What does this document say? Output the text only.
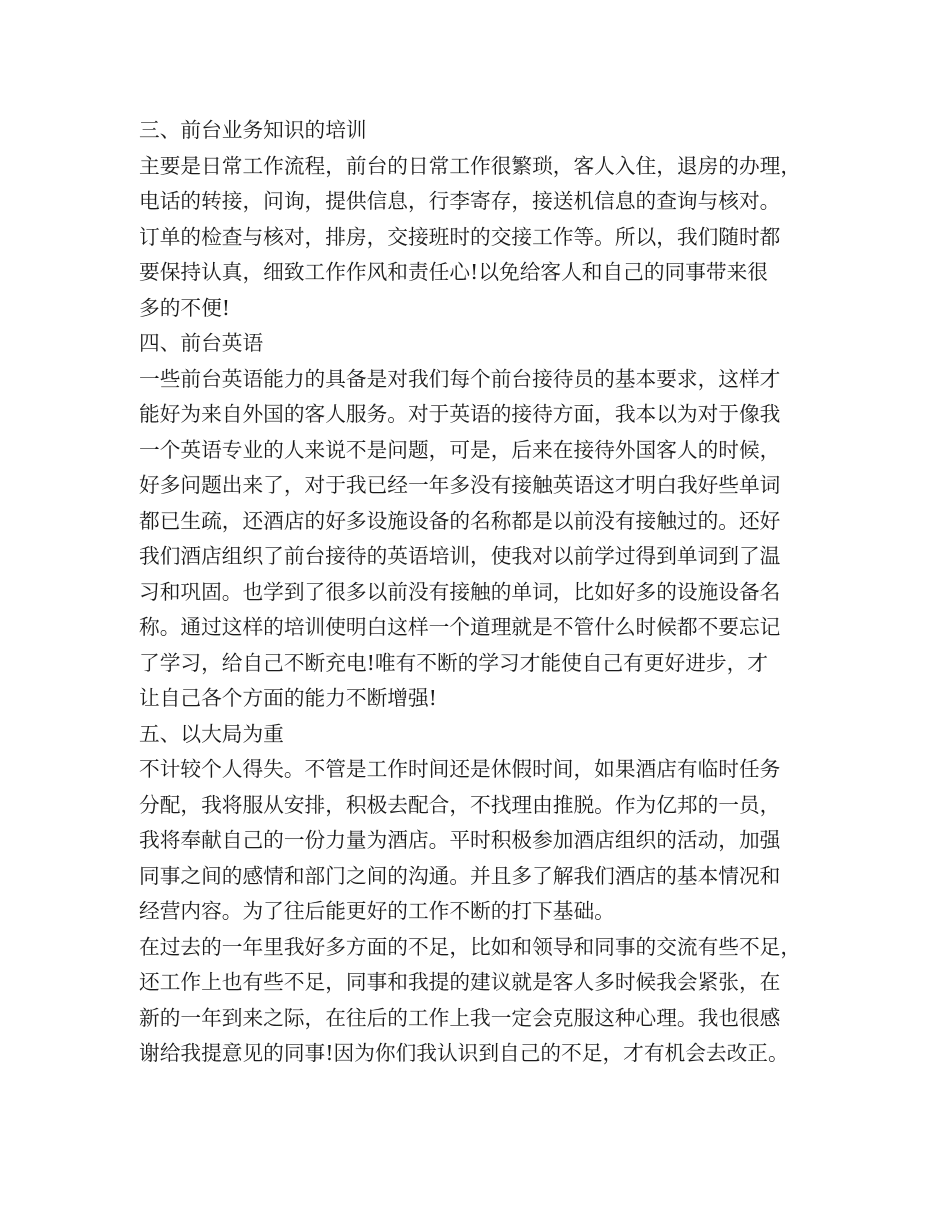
三、前台业务知识的培训
主要是日常工作流程，前台的日常工作很繁琐，客人入住，退房的办理，
电话的转接，问询，提供信息，行李寄存，接送机信息的查询与核对。
订单的检查与核对，排房，交接班时的交接工作等。所以，我们随时都
要保持认真，细致工作作风和责任心!以免给客人和自己的同事带来很
多的不便!
四、前台英语
一些前台英语能力的具备是对我们每个前台接待员的基本要求，这样才
能好为来自外国的客人服务。对于英语的接待方面，我本以为对于像我
一个英语专业的人来说不是问题，可是，后来在接待外国客人的时候，
好多问题出来了，对于我已经一年多没有接触英语这才明白我好些单词
都已生疏，还酒店的好多设施设备的名称都是以前没有接触过的。还好
我们酒店组织了前台接待的英语培训，使我对以前学过得到单词到了温
习和巩固。也学到了很多以前没有接触的单词，比如好多的设施设备名
称。通过这样的培训使明白这样一个道理就是不管什么时候都不要忘记
了学习，给自己不断充电!唯有不断的学习才能使自己有更好进步，才
让自己各个方面的能力不断增强!
五、以大局为重
不计较个人得失。不管是工作时间还是休假时间，如果酒店有临时任务
分配，我将服从安排，积极去配合，不找理由推脱。作为亿邦的一员，
我将奉献自己的一份力量为酒店。平时积极参加酒店组织的活动，加强
同事之间的感情和部门之间的沟通。并且多了解我们酒店的基本情况和
经营内容。为了往后能更好的工作不断的打下基础。
在过去的一年里我好多方面的不足，比如和领导和同事的交流有些不足，
还工作上也有些不足，同事和我提的建议就是客人多时候我会紧张，在
新的一年到来之际，在往后的工作上我一定会克服这种心理。我也很感
谢给我提意见的同事!因为你们我认识到自己的不足，才有机会去改正。
